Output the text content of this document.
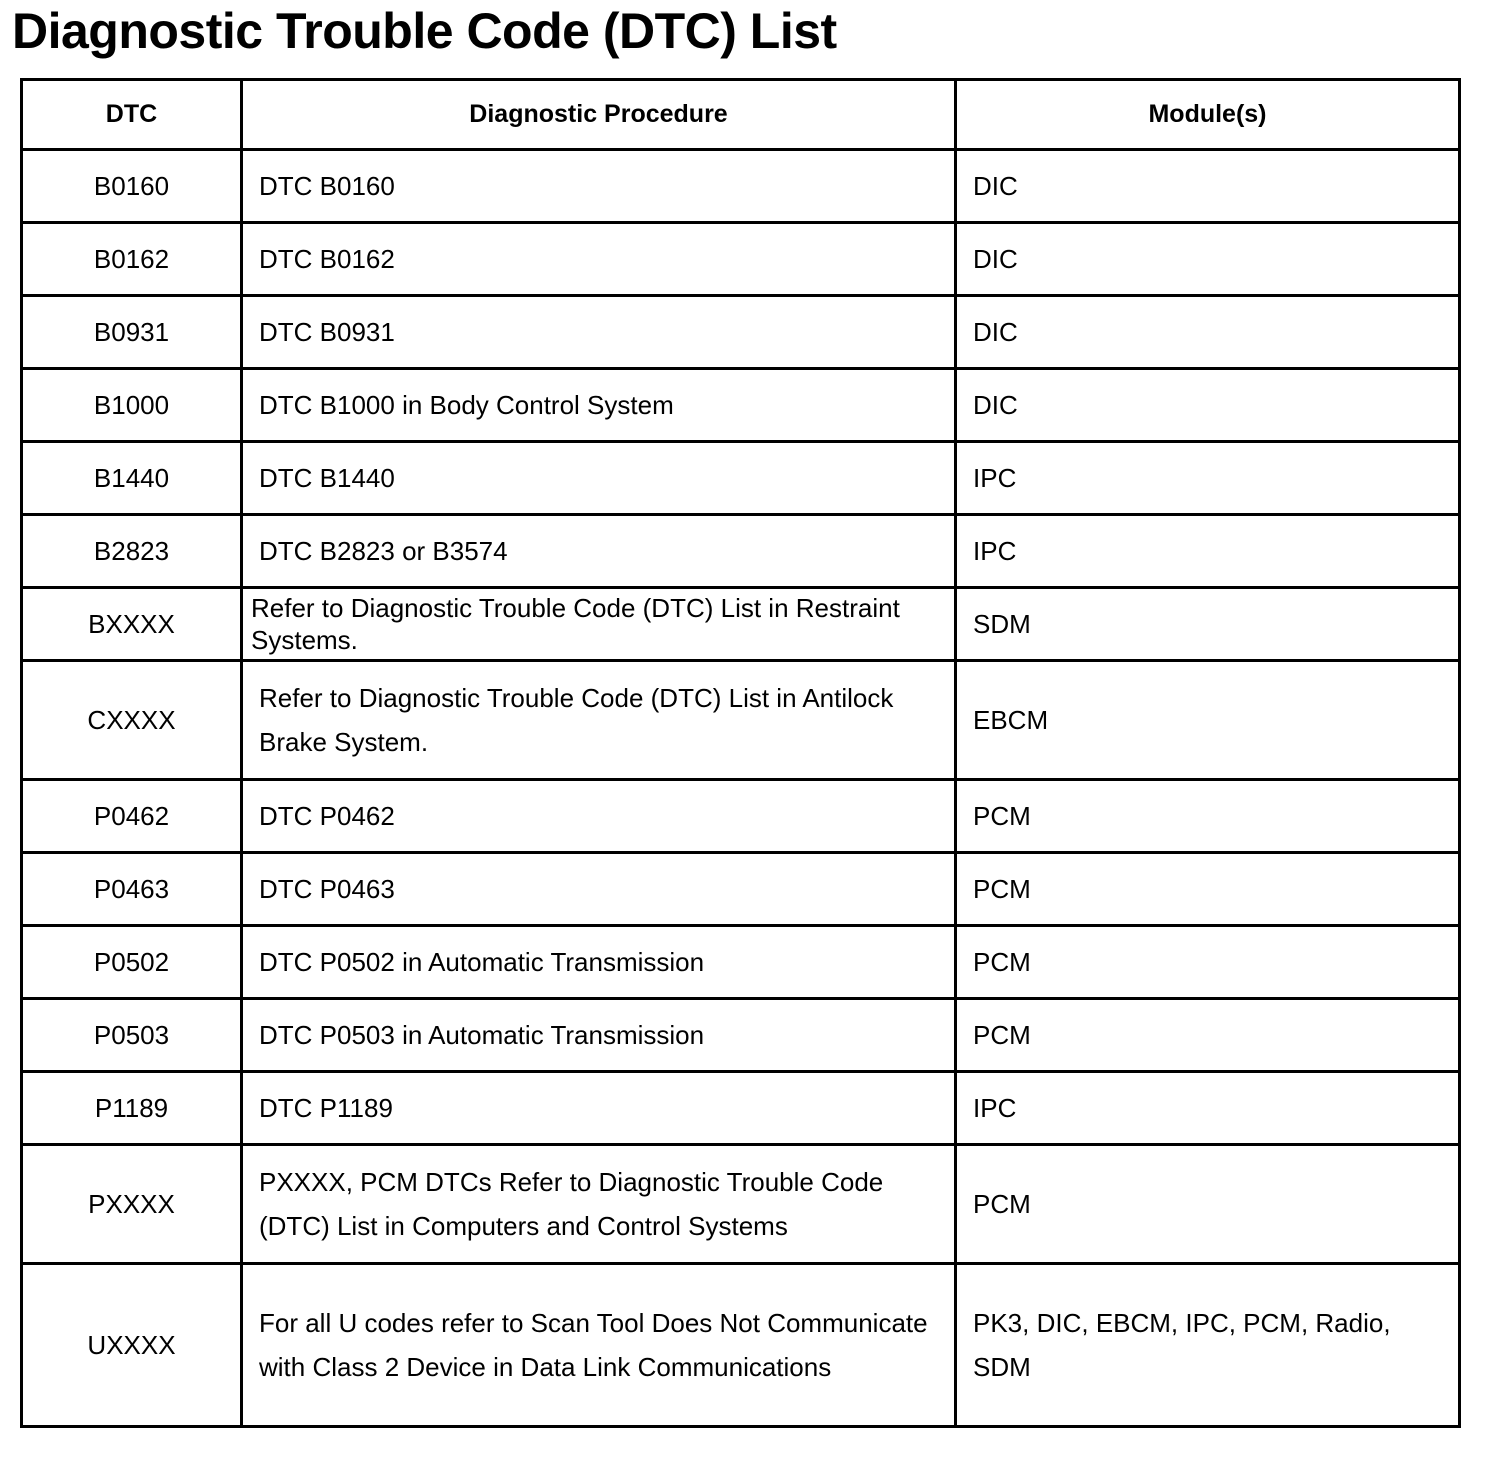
Diagnostic Trouble Code (DTC) List
DTC	Diagnostic Procedure	Module(s)
B0160	DTC B0160	DIC
B0162	DTC B0162	DIC
B0931	DTC B0931	DIC
B1000	DTC B1000 in Body Control System	DIC
B1440	DTC B1440	IPC
B2823	DTC B2823 or B3574	IPC
BXXXX	Refer to Diagnostic Trouble Code (DTC) List in Restraint Systems.	SDM
CXXXX	Refer to Diagnostic Trouble Code (DTC) List in Antilock Brake System.	EBCM
P0462	DTC P0462	PCM
P0463	DTC P0463	PCM
P0502	DTC P0502 in Automatic Transmission	PCM
P0503	DTC P0503 in Automatic Transmission	PCM
P1189	DTC P1189	IPC
PXXXX	PXXXX, PCM DTCs Refer to Diagnostic Trouble Code (DTC) List in Computers and Control Systems	PCM
UXXXX	For all U codes refer to Scan Tool Does Not Communicate with Class 2 Device in Data Link Communications	PK3, DIC, EBCM, IPC, PCM, Radio, SDM
